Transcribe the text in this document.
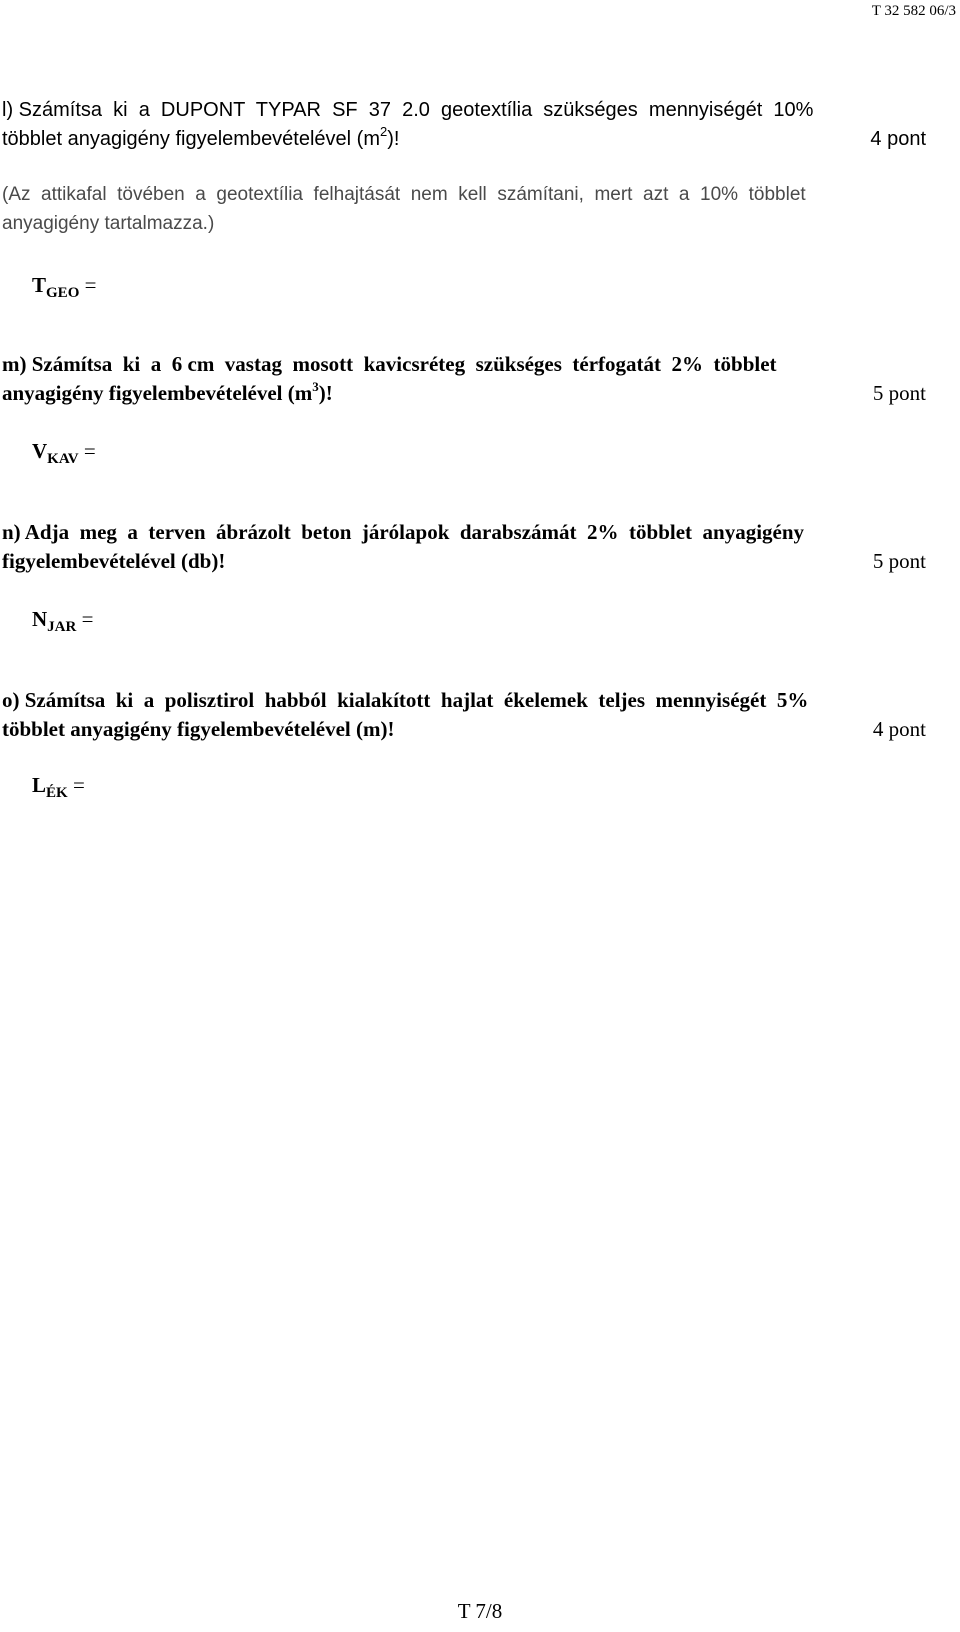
T 32 582 06/3
l) Számítsa  ki  a  DUPONT  TYPAR  SF  37  2.0  geotextília  szükséges  mennyiségét  10%
többlet anyagigény figyelembevételével $(m^2)$!	4 pont
(Az  attikafal  tövében  a  geotextília  felhajtását  nem  kell  számítani,  mert  azt  a  10%  többlet
anyagigény tartalmazza.)
$T_{GEO}$ =
m) Számítsa  ki  a  6 cm  vastag  mosott  kavicsréteg  szükséges  térfogatát  2%  többlet
anyagigény figyelembevételével $(m^3)$!	5 pont
$V_{KAV}$ =
n) Adja  meg  a  terven  ábrázolt  beton  járólapok  darabszámát  2%  többlet  anyagigény
figyelembevételével (db)!	5 pont
$N_{JAR}$ =
o) Számítsa  ki  a  polisztirol  habból  kialakított  hajlat  ékelemek  teljes  mennyiségét  5%
többlet anyagigény figyelembevételével (m)!	4 pont
$L_{ÉK}$ =
T 7/8
